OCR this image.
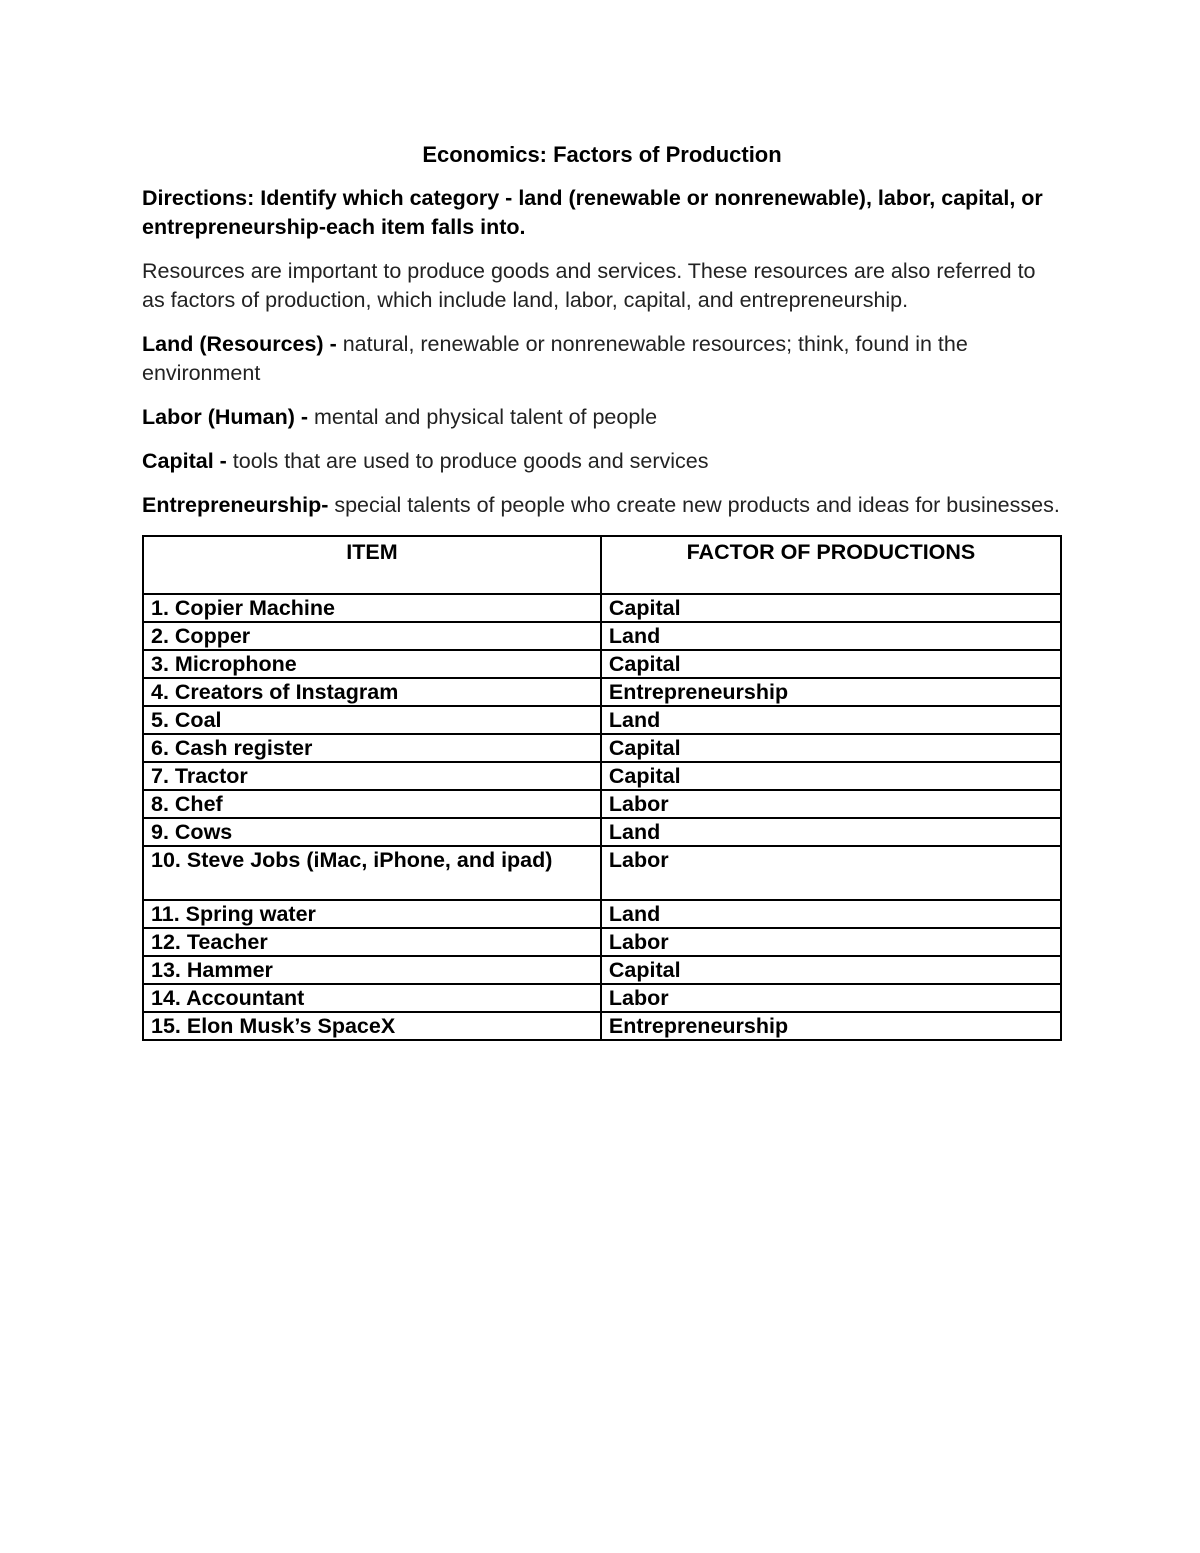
Economics: Factors of Production
Directions: Identify which category - land (renewable or nonrenewable), labor, capital, or entrepreneurship-each item falls into.

Resources are important to produce goods and services. These resources are also referred to as factors of production, which include land, labor, capital, and entrepreneurship.

Land (Resources) - natural, renewable or nonrenewable resources; think, found in the environment

Labor (Human) - mental and physical talent of people

Capital - tools that are used to produce goods and services

Entrepreneurship- special talents of people who create new products and ideas for businesses.

ITEM	FACTOR OF PRODUCTIONS
1. Copier Machine	Capital
2. Copper	Land
3. Microphone	Capital
4. Creators of Instagram	Entrepreneurship
5. Coal	Land
6. Cash register	Capital
7. Tractor	Capital
8. Chef	Labor
9. Cows	Land
10. Steve Jobs (iMac, iPhone, and ipad)	Labor
11. Spring water	Land
12. Teacher	Labor
13. Hammer	Capital
14. Accountant	Labor
15. Elon Musk’s SpaceX	Entrepreneurship
